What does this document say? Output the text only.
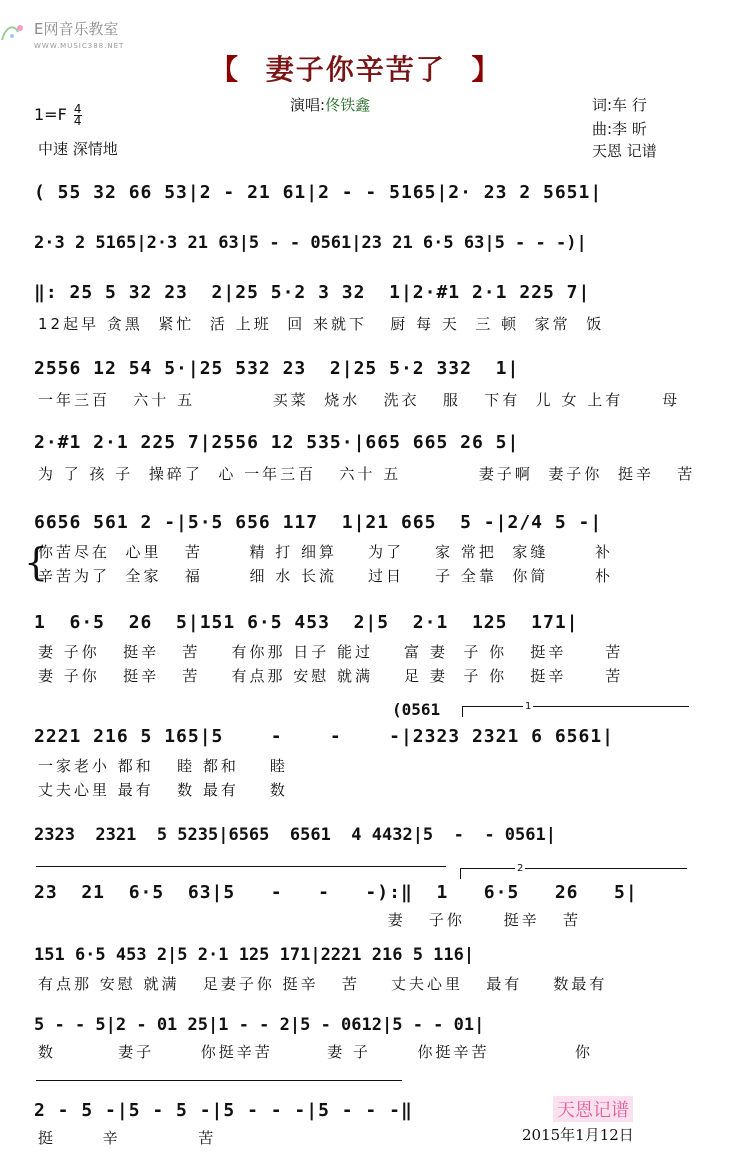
E网音乐教室
WWW.MUSIC388.NET
【 妻子你辛苦了 】
演唱:佟铁鑫	词:车 行
曲:李 昕
天恩 记谱
$1=F \frac{4}{4}$
中速 深情地
( 55 32 66 53|2 - 21 61|2 - - 5165|2· 23 2 5651|
2·3 2 5165|2·3 21 63|5 - - 0561|23 21 6·5 63|5 - - -)|
‖: 25 5 32 23  2|25 5·2 3 32  1|2·#1 2·1 225 7|
12起早 贪黑  紧忙  活 上班  回 来就下   厨 每 天  三 顿  家常  饭
2556 12 54 5·|25 532 23  2|25 5·2 332  1|
一年三百   六十 五          买菜  烧水   洗衣   服   下有  儿 女 上有     母
2·#1 2·1 225 7|2556 12 535·|665 665 26 5|
为 了 孩 子  操碎了  心 一年三百   六十 五          妻子啊  妻子你  挺辛   苦
6656 561 2 -|5·5 656 117  1|21 665  5 -|2/4 5 -|
{
你苦尽在  心里   苦      精 打 细算    为了    家 常把  家缝      补
辛苦为了  全家   福      细 水 长流    过日    子 全靠  你简      朴
1  6·5  26  5|151 6·5 453  2|5  2·1  125  171|
妻 子你   挺辛   苦    有你那 日子 能过    富 妻  子 你   挺辛     苦
妻 子你   挺辛   苦    有点那 安慰 就满    足 妻  子 你   挺辛     苦
(0561	1
2221 216 5 165|5    -    -    -|2323 2321 6 6561|
一家老小 都和   睦 都和    睦
丈夫心里 最有   数 最有    数
2323  2321  5 5235|6565  6561  4 4432|5  -  - 0561|
2
23  21  6·5  63|5   -   -   -):‖  1   6·5   26   5|
妻   子你     挺辛   苦
151 6·5 453 2|5 2·1 125 171|2221 216 5 116|
有点那 安慰 就满   足妻子你 挺辛   苦    丈夫心里   最有    数最有
5 - - 5|2 - 01 25|1 - - 2|5 - 0612|5 - - 01|
数        妻子      你挺辛苦       妻 子      你挺辛苦           你
2 - 5 -|5 - 5 -|5 - - -|5 - - -‖
挺      辛          苦
天恩记谱
2015年1月12日
